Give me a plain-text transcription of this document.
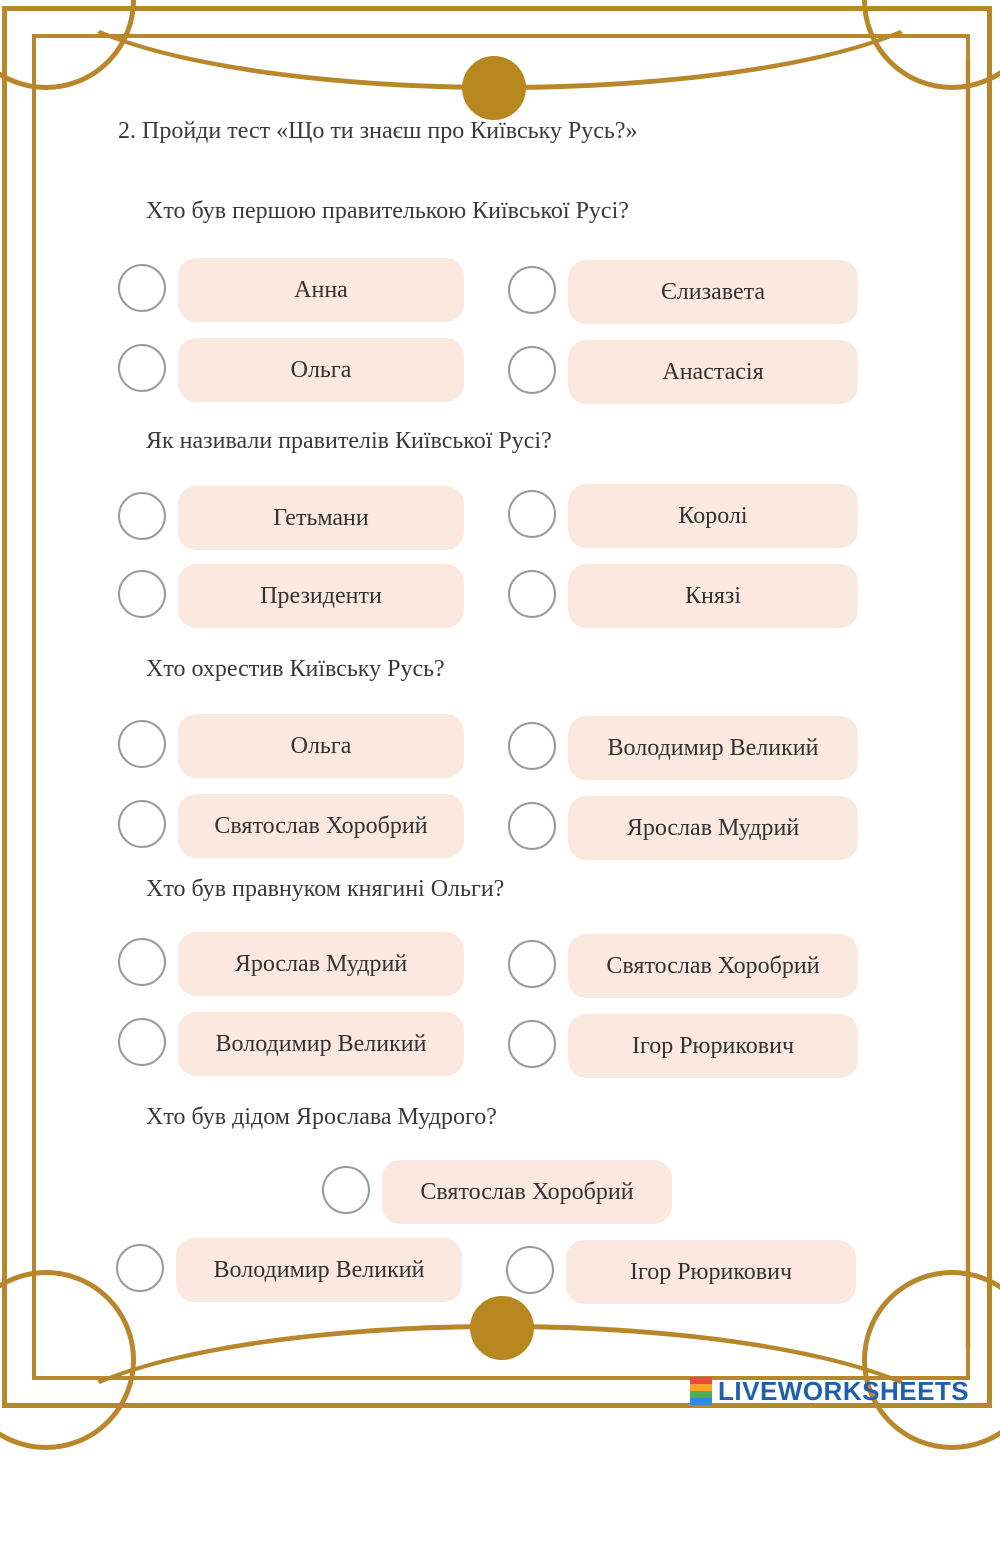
2. Пройди тест «Що ти знаєш про Київську Русь?»
Хто був першою правителькою Київської Русі?
Анна	Єлизавета
Ольга	Анастасія
Як називали правителів Київської Русі?
Гетьмани	Королі
Президенти	Князі
Хто охрестив Київську Русь?
Ольга	Володимир Великий
Святослав Хоробрий	Ярослав Мудрий
Хто був правнуком княгині Ольги?
Ярослав Мудрий	Святослав Хоробрий
Володимир Великий	Ігор Рюрикович
Хто був дідом Ярослава Мудрого?
Святослав Хоробрий
Володимир Великий	Ігор Рюрикович
LIVEWORKSHEETS
